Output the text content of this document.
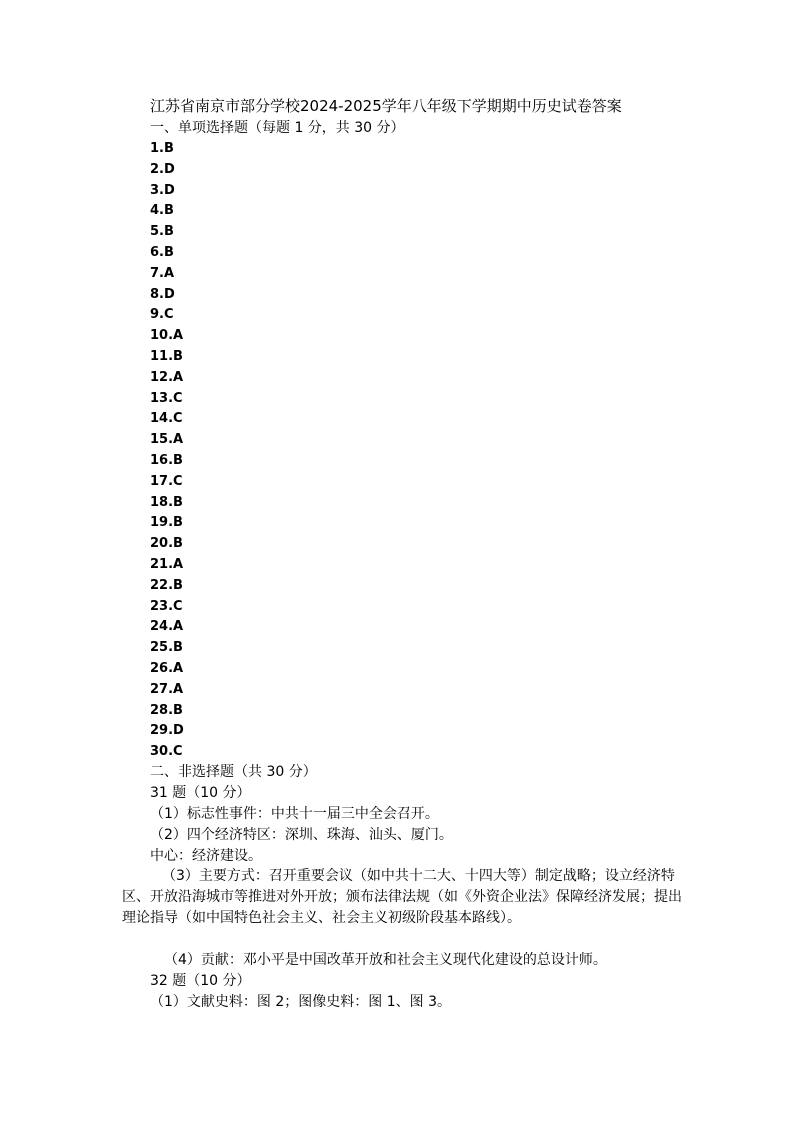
江苏省南京市部分学校2024-2025学年八年级下学期期中历史试卷答案
一、单项选择题（每题 1 分，共 30 分）
1.B
2.D
3.D
4.B
5.B
6.B
7.A
8.D
9.C
10.A
11.B
12.A
13.C
14.C
15.A
16.B
17.C
18.B
19.B
20.B
21.A
22.B
23.C
24.A
25.B
26.A
27.A
28.B
29.D
30.C
二、非选择题（共 30 分）
31 题（10 分）
（1）标志性事件：中共十一届三中全会召开。
（2）四个经济特区：深圳、珠海、汕头、厦门。
中心：经济建设。
（3）主要方式：召开重要会议（如中共十二大、十四大等）制定战略；设立经济特区、开放沿海城市等推进对外开放；颁布法律法规（如《外资企业法》保障经济发展；提出理论指导（如中国特色社会主义、社会主义初级阶段基本路线）。
（4）贡献：邓小平是中国改革开放和社会主义现代化建设的总设计师。
32 题（10 分）
（1）文献史料：图 2；图像史料：图 1、图 3。
